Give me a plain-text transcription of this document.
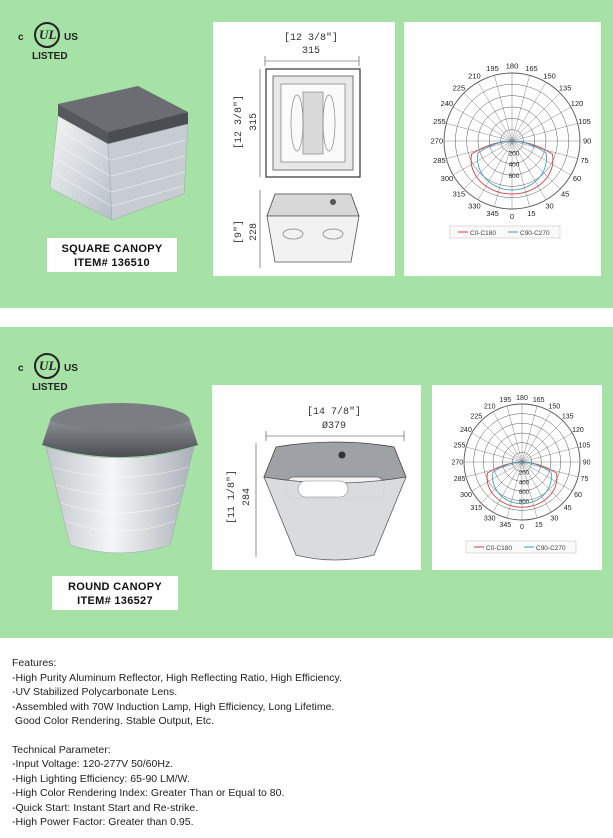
c UL US
LISTED
SQUARE CANOPY
ITEM# 136510
[12 3/8"]
315
[12 3/8"] 315
[9"] 228
195 180 165
210	150
225	135
240	120
105
255
270	90
285	75
300	60
315	45
330	30
345 0 15
200
400
600
C0-C180	C90-C270
c UL US
LISTED
ROUND CANOPY
ITEM# 136527
[14 7/8"]
Ø379
[11 1/8"] 284
195 180 165
210	150
225	135
240	120
105
255
270	90
285	75
300	60
315	45
330	30
345 0 15
200
400
600
800
C0-C180	C90-C270
Features:
-High Purity Aluminum Reflector, High Reflecting Ratio, High Efficiency.
-UV Stabilized Polycarbonate Lens.
-Assembled with 70W Induction Lamp, High Efficiency, Long Lifetime.
Good Color Rendering. Stable Output, Etc.
Technical Parameter:
-Input Voltage: 120-277V 50/60Hz.
-High Lighting Efficiency: 65-90 LM/W.
-High Color Rendering Index: Greater Than or Equal to 80.
-Quick Start: Instant Start and Re-strike.
-High Power Factor: Greater than 0.95.
